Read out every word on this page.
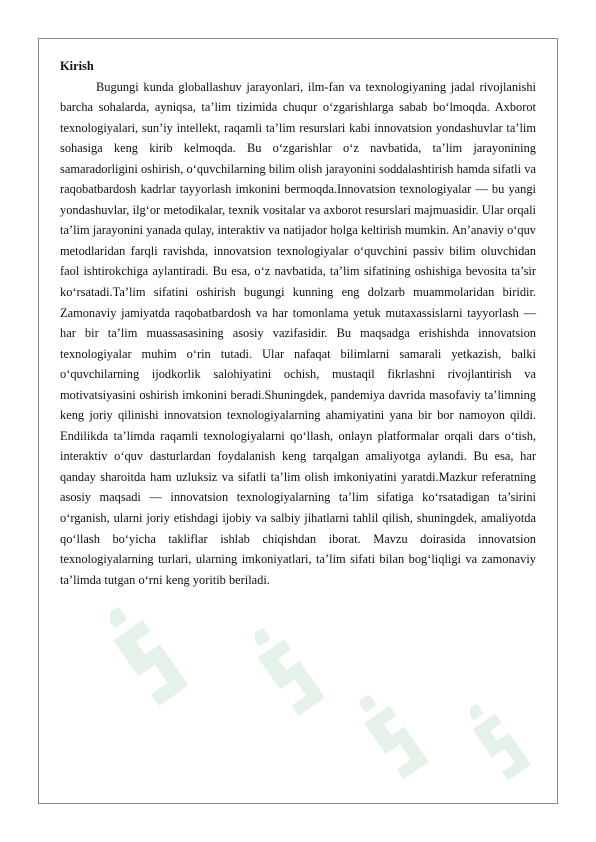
Kirish

Bugungi kunda globallashuv jarayonlari, ilm-fan va texnologiyaning jadal rivojlanishi barcha sohalarda, ayniqsa, ta’lim tizimida chuqur o‘zgarishlarga sabab bo‘lmoqda. Axborot texnologiyalari, sun’iy intellekt, raqamli ta’lim resurslari kabi innovatsion yondashuvlar ta’lim sohasiga keng kirib kelmoqda. Bu o‘zgarishlar o‘z navbatida, ta’lim jarayonining samaradorligini oshirish, o‘quvchilarning bilim olish jarayonini soddalashtirish hamda sifatli va raqobatbardosh kadrlar tayyorlash imkonini bermoqda.Innovatsion texnologiyalar — bu yangi yondashuvlar, ilg‘or metodikalar, texnik vositalar va axborot resurslari majmuasidir. Ular orqali ta’lim jarayonini yanada qulay, interaktiv va natijador holga keltirish mumkin. An’anaviy o‘quv metodlaridan farqli ravishda, innovatsion texnologiyalar o‘quvchini passiv bilim oluvchidan faol ishtirokchiga aylantiradi. Bu esa, o‘z navbatida, ta’lim sifatining oshishiga bevosita ta’sir ko‘rsatadi.Ta’lim sifatini oshirish bugungi kunning eng dolzarb muammolaridan biridir. Zamonaviy jamiyatda raqobatbardosh va har tomonlama yetuk mutaxassislarni tayyorlash — har bir ta’lim muassasasining asosiy vazifasidir. Bu maqsadga erishishda innovatsion texnologiyalar muhim o‘rin tutadi. Ular nafaqat bilimlarni samarali yetkazish, balki o‘quvchilarning ijodkorlik salohiyatini ochish, mustaqil fikrlashni rivojlantirish va motivatsiyasini oshirish imkonini beradi.Shuningdek, pandemiya davrida masofaviy ta’limning keng joriy qilinishi innovatsion texnologiyalarning ahamiyatini yana bir bor namoyon qildi. Endilikda ta’limda raqamli texnologiyalarni qo‘llash, onlayn platformalar orqali dars o‘tish, interaktiv o‘quv dasturlardan foydalanish keng tarqalgan amaliyotga aylandi. Bu esa, har qanday sharoitda ham uzluksiz va sifatli ta’lim olish imkoniyatini yaratdi.Mazkur referatning asosiy maqsadi — innovatsion texnologiyalarning ta’lim sifatiga ko‘rsatadigan ta’sirini o‘rganish, ularni joriy etishdagi ijobiy va salbiy jihatlarni tahlil qilish, shuningdek, amaliyotda qo‘llash bo‘yicha takliflar ishlab chiqishdan iborat. Mavzu doirasida innovatsion texnologiyalarning turlari, ularning imkoniyatlari, ta’lim sifati bilan bog‘liqligi va zamonaviy ta’limda tutgan o‘rni keng yoritib beriladi.
